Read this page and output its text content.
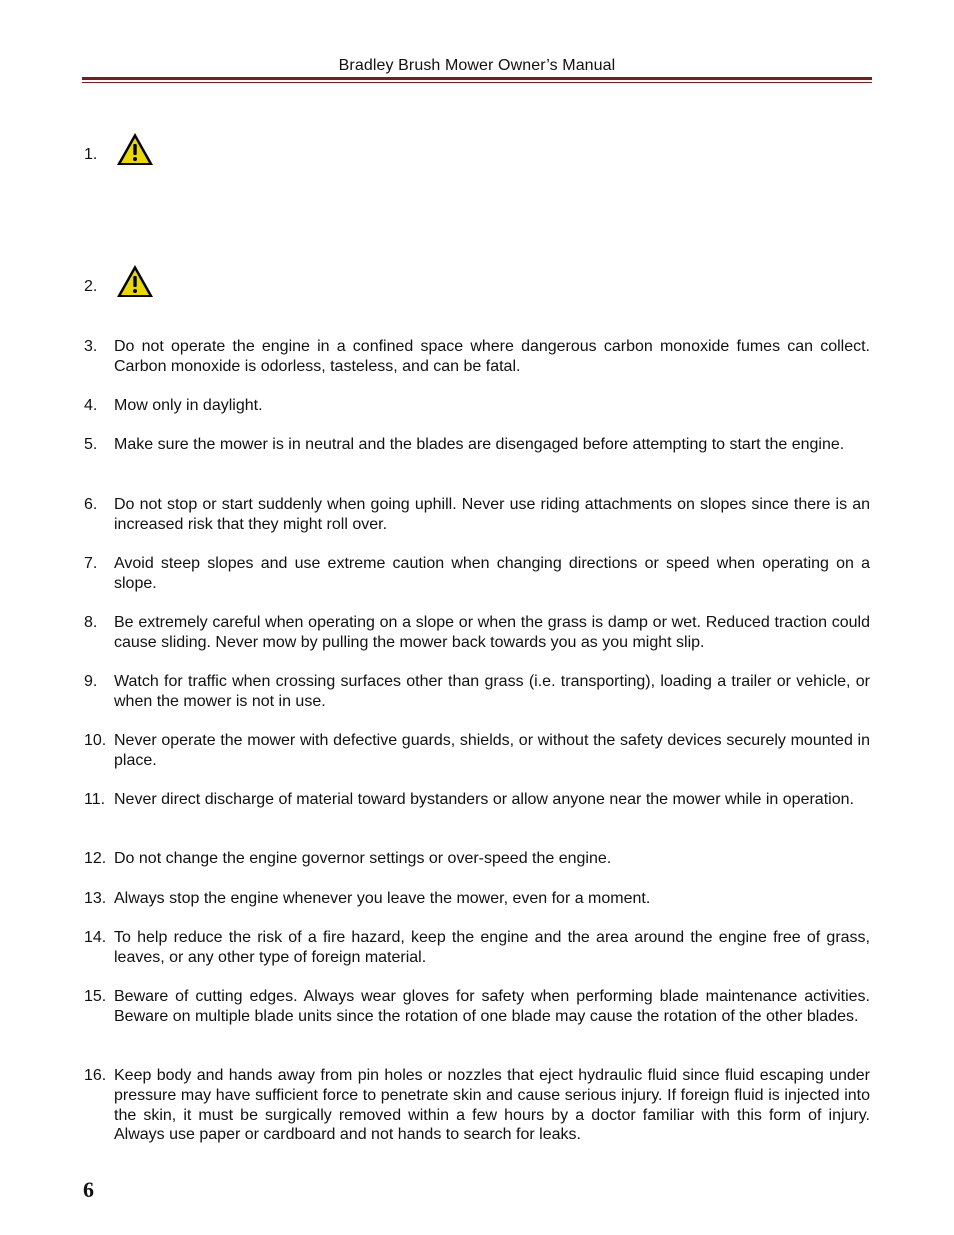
Bradley Brush Mower Owner’s Manual
1.
2.
3.	Do not operate the engine in a confined space where dangerous carbon monoxide fumes can collect. Carbon monoxide is odorless, tasteless, and can be fatal.
4.	Mow only in daylight.
5.	Make sure the mower is in neutral and the blades are disengaged before attempting to start the engine.
6.	Do not stop or start suddenly when going uphill. Never use riding attachments on slopes since there is an increased risk that they might roll over.
7.	Avoid steep slopes and use extreme caution when changing directions or speed when operating on a slope.
8.	Be extremely careful when operating on a slope or when the grass is damp or wet. Reduced traction could cause sliding. Never mow by pulling the mower back towards you as you might slip.
9.	Watch for traffic when crossing surfaces other than grass (i.e. transporting), loading a trailer or vehicle, or when the mower is not in use.
10. Never operate the mower with defective guards, shields, or without the safety devices securely mounted in place.
11. Never direct discharge of material toward bystanders or allow anyone near the mower while in operation.
12. Do not change the engine governor settings or over-speed the engine.
13. Always stop the engine whenever you leave the mower, even for a moment.
14. To help reduce the risk of a fire hazard, keep the engine and the area around the engine free of grass, leaves, or any other type of foreign material.
15. Beware of cutting edges. Always wear gloves for safety when performing blade maintenance activities. Beware on multiple blade units since the rotation of one blade may cause the rotation of the other blades.
16. Keep body and hands away from pin holes or nozzles that eject hydraulic fluid since fluid escaping under pressure may have sufficient force to penetrate skin and cause serious injury. If foreign fluid is injected into the skin, it must be surgically removed within a few hours by a doctor familiar with this form of injury. Always use paper or cardboard and not hands to search for leaks.
6
